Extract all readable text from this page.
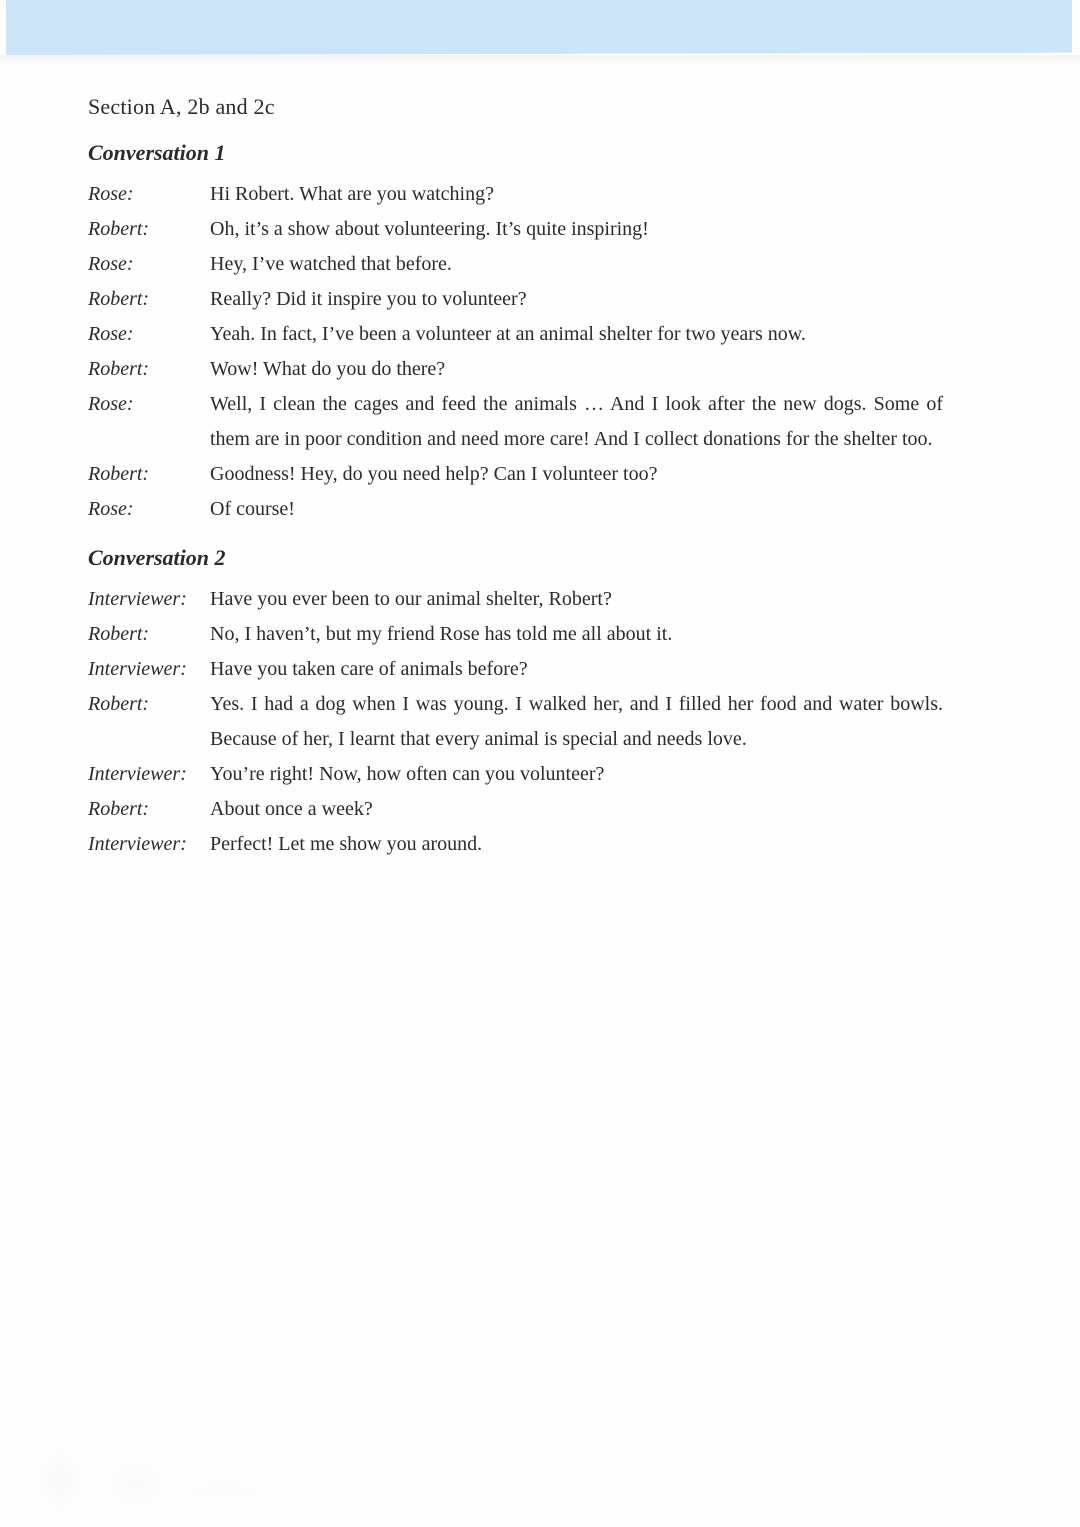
Section A, 2b and 2c

Conversation 1

Rose:	Hi Robert. What are you watching?
Robert:	Oh, it’s a show about volunteering. It’s quite inspiring!
Rose:	Hey, I’ve watched that before.
Robert:	Really? Did it inspire you to volunteer?
Rose:	Yeah. In fact, I’ve been a volunteer at an animal shelter for two years now.
Robert:	Wow! What do you do there?
Rose:	Well, I clean the cages and feed the animals … And I look after the new dogs. Some of them are in poor condition and need more care! And I collect donations for the shelter too.
Robert:	Goodness! Hey, do you need help? Can I volunteer too?
Rose:	Of course!

Conversation 2

Interviewer:	Have you ever been to our animal shelter, Robert?
Robert:	No, I haven’t, but my friend Rose has told me all about it.
Interviewer:	Have you taken care of animals before?
Robert:	Yes. I had a dog when I was young. I walked her, and I filled her food and water bowls. Because of her, I learnt that every animal is special and needs love.
Interviewer:	You’re right! Now, how often can you volunteer?
Robert:	About once a week?
Interviewer:	Perfect! Let me show you around.
